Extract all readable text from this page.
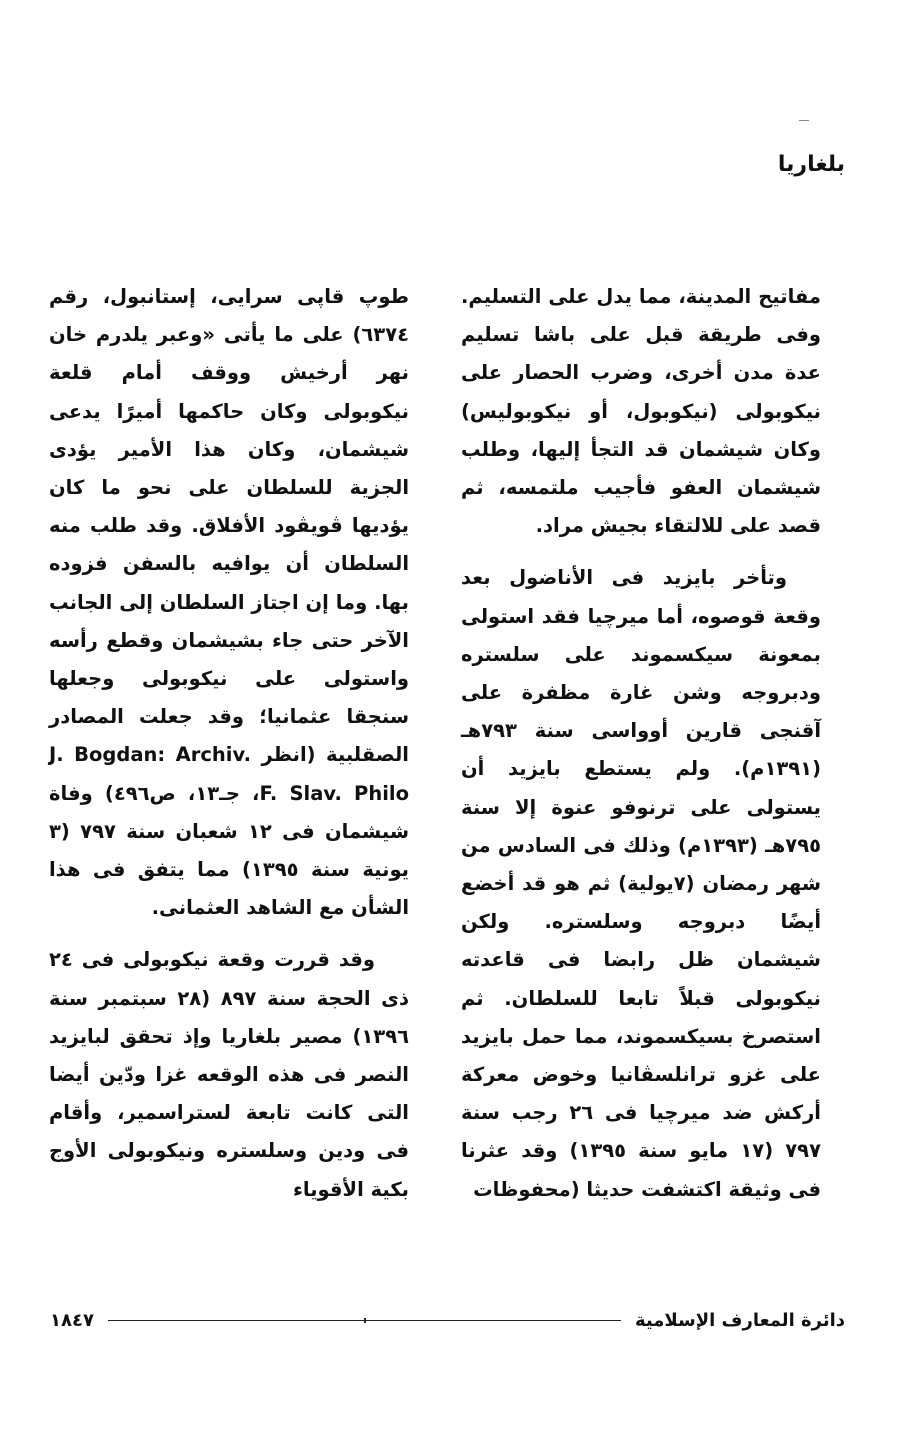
بلغاريا

مفاتيح المدينة، مما يدل على التسليم. وفى طريقة قبل على باشا تسليم عدة مدن أخرى، وضرب الحصار على نيكوبولى (نيكوبول، أو نيكوبوليس) وكان شيشمان قد التجأ إليها، وطلب شيشمان العفو فأجيب ملتمسه، ثم قصد على للالتقاء بجيش مراد.

وتأخر بايزيد فى الأناضول بعد وقعة قوصوه، أما ميرچيا فقد استولى بمعونة سيكسموند على سلستره ودبروجه وشن غارة مظفرة على آقنجى قارين أوواسى سنة ٧٩٣هـ (١٣٩١م). ولم يستطع بايزيد أن يستولى على ترنوفو عنوة إلا سنة ٧٩٥هـ (١٣٩٣م) وذلك فى السادس من شهر رمضان (٧يولية) ثم هو قد أخضع أيضًا دبروجه وسلستره. ولكن شيشمان ظل رابضا فى قاعدته نيكوبولى قبلاً تابعا للسلطان. ثم استصرخ بسيكسموند، مما حمل بايزيد على غزو ترانلسڤانيا وخوض معركة أركش ضد ميرچيا فى ٢٦ رجب سنة ٧٩٧ (١٧ مايو سنة ١٣٩٥) وقد عثرنا فى وثيقة اكتشفت حديثا (محفوظات

طوپ قاپى سرايى، إستانبول، رقم ٦٣٧٤) على ما يأتى «وعبر يلدرم خان نهر أرخيش ووقف أمام قلعة نيكوبولى وكان حاكمها أميرًا يدعى شيشمان، وكان هذا الأمير يؤدى الجزية للسلطان على نحو ما كان يؤديها ڤويڤود الأفلاق. وقد طلب منه السلطان أن يوافيه بالسفن فزوده بها. وما إن اجتاز السلطان إلى الجانب الآخر حتى جاء بشيشمان وقطع رأسه واستولى على نيكوبولى وجعلها سنجقا عثمانيا؛ وقد جعلت المصادر الصقلبية (انظر J. Bogdan: Archiv. F. Slav. Philo، جـ١٣، ص٤٩٦) وفاة شيشمان فى ١٢ شعبان سنة ٧٩٧ (٣ يونية سنة ١٣٩٥) مما يتفق فى هذا الشأن مع الشاهد العثمانى.

وقد قررت وقعة نيكوبولى فى ٢٤ ذى الحجة سنة ٨٩٧ (٢٨ سبتمبر سنة ١٣٩٦) مصير بلغاريا وإذ تحقق لبايزيد النصر فى هذه الوقعه غزا ودّين أيضا التى كانت تابعة لستراسمير، وأقام فى ودين وسلستره ونيكوبولى الأوج بكية الأقوياء

دائرة المعارف الإسلامية
١٨٤٧
